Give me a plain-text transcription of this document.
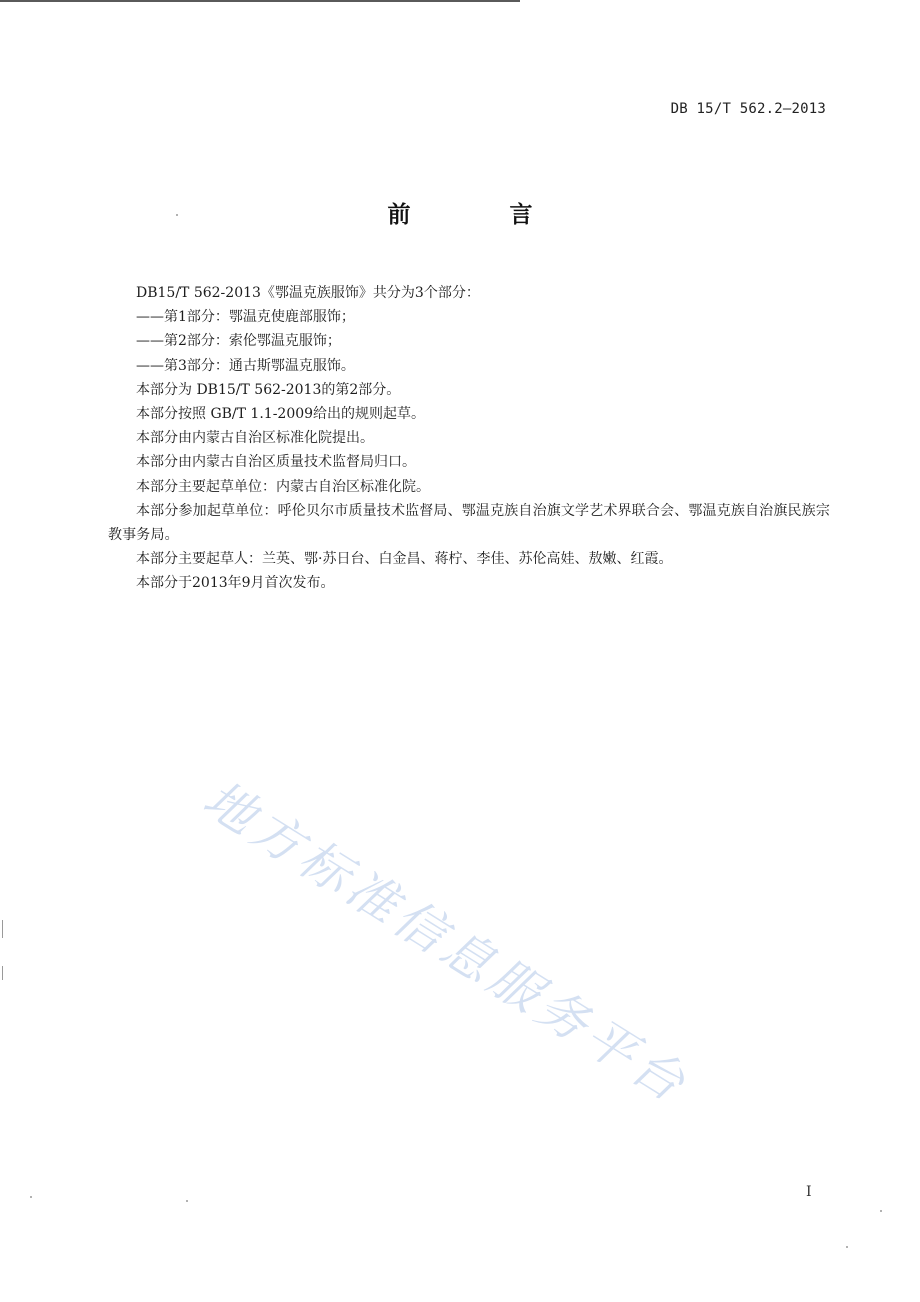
DB 15/T 562.2—2013
前　言

DB15/T 562-2013《鄂温克族服饰》共分为3个部分：

——第1部分：鄂温克使鹿部服饰；

——第2部分：索伦鄂温克服饰；

——第3部分：通古斯鄂温克服饰。

本部分为 DB15/T 562-2013的第2部分。

本部分按照 GB/T 1.1-2009给出的规则起草。

本部分由内蒙古自治区标准化院提出。

本部分由内蒙古自治区质量技术监督局归口。

本部分主要起草单位：内蒙古自治区标准化院。

本部分参加起草单位：呼伦贝尔市质量技术监督局、鄂温克族自治旗文学艺术界联合会、鄂温克族自治旗民族宗教事务局。

本部分主要起草人：兰英、鄂·苏日台、白金昌、蒋柠、李佳、苏伦高娃、敖嫩、红霞。

本部分于2013年9月首次发布。

地方标准信息服务平台
I
